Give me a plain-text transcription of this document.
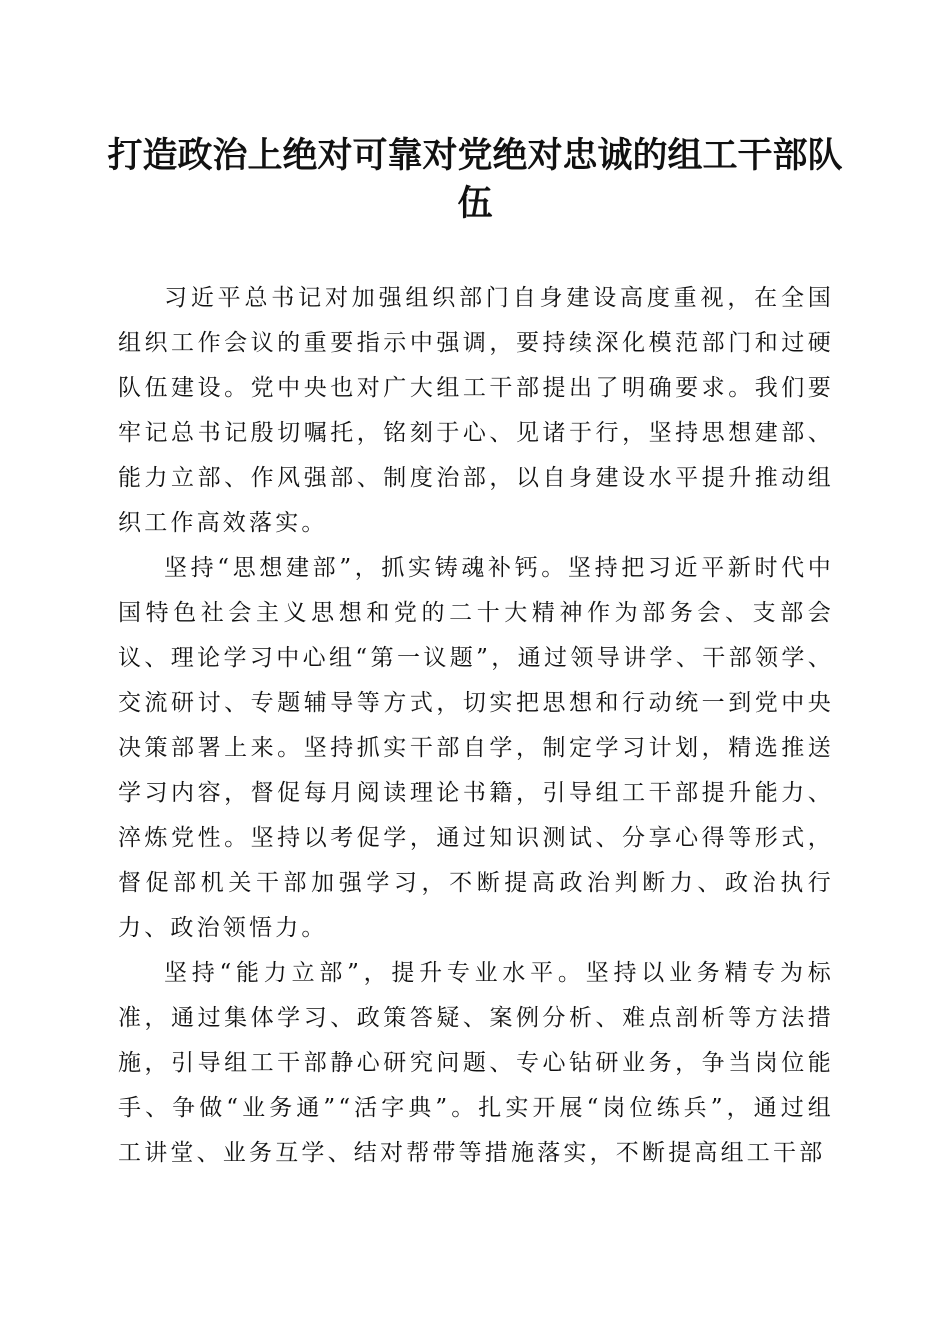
打造政治上绝对可靠对党绝对忠诚的组工干部队伍

习近平总书记对加强组织部门自身建设高度重视，在全国组织工作会议的重要指示中强调，要持续深化模范部门和过硬队伍建设。党中央也对广大组工干部提出了明确要求。我们要牢记总书记殷切嘱托，铭刻于心、见诸于行，坚持思想建部、能力立部、作风强部、制度治部，以自身建设水平提升推动组织工作高效落实。

坚持“思想建部”，抓实铸魂补钙。坚持把习近平新时代中国特色社会主义思想和党的二十大精神作为部务会、支部会议、理论学习中心组“第一议题”，通过领导讲学、干部领学、交流研讨、专题辅导等方式，切实把思想和行动统一到党中央决策部署上来。坚持抓实干部自学，制定学习计划，精选推送学习内容，督促每月阅读理论书籍，引导组工干部提升能力、淬炼党性。坚持以考促学，通过知识测试、分享心得等形式，督促部机关干部加强学习，不断提高政治判断力、政治执行力、政治领悟力。

坚持“能力立部”，提升专业水平。坚持以业务精专为标准，通过集体学习、政策答疑、案例分析、难点剖析等方法措施，引导组工干部静心研究问题、专心钻研业务，争当岗位能手、争做“业务通”“活字典”。扎实开展“岗位练兵”，通过组工讲堂、业务互学、结对帮带等措施落实，不断提高组工干部
